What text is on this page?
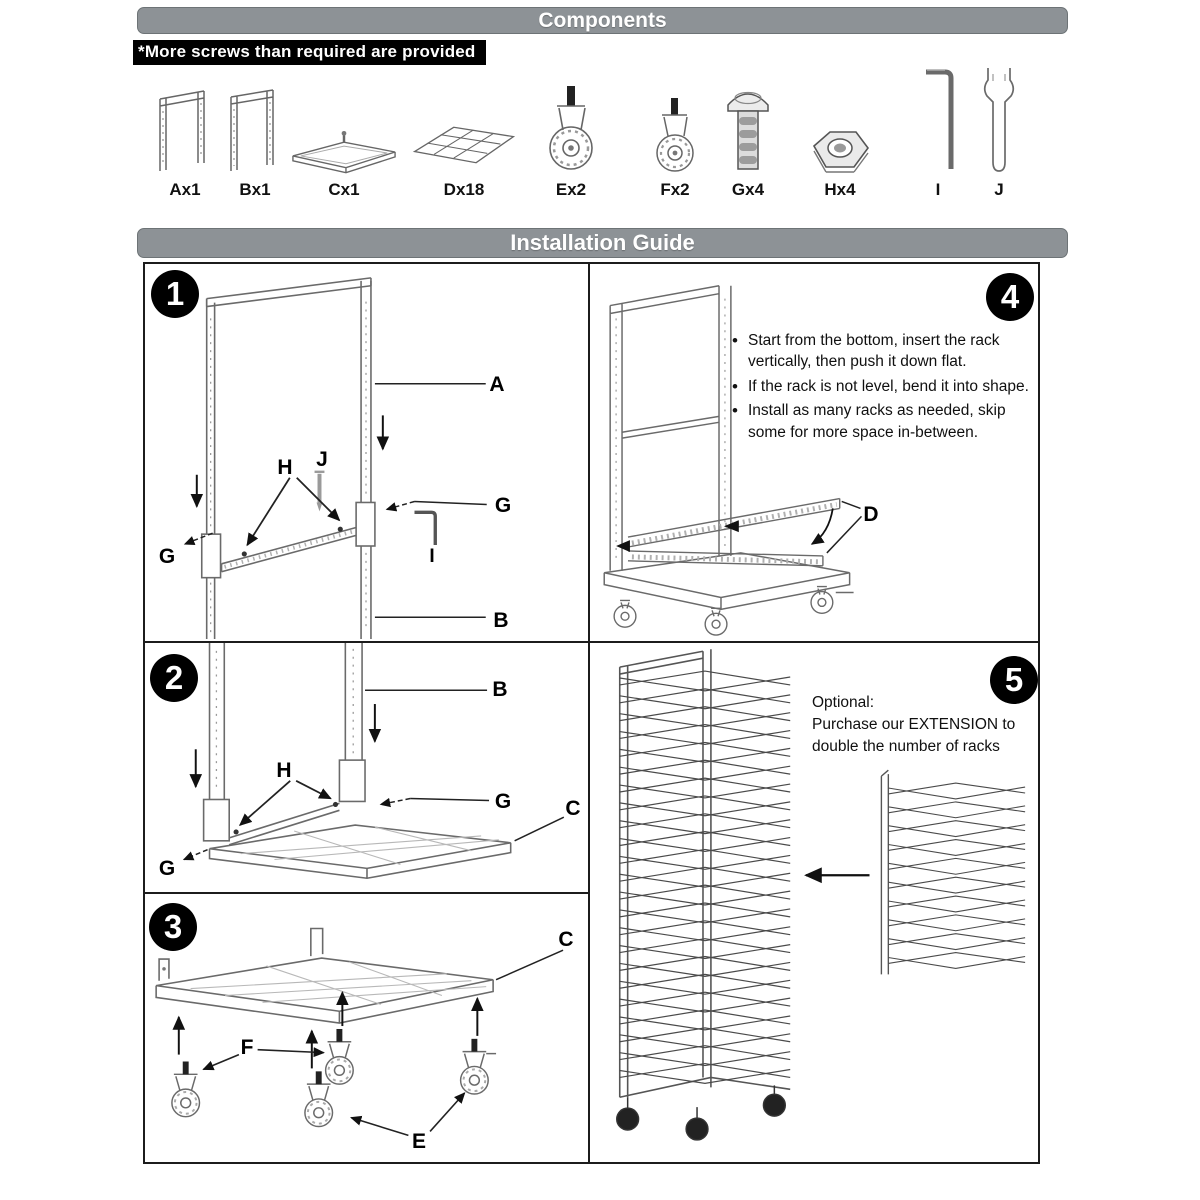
Components
*More screws than required are provided
Ax1	Bx1	Cx1	Dx18	Ex2	Fx2	Gx4	Hx4	I	J
Installation Guide
1
A
J
H
G
I
G
B
2	B
H
G	C
G
3	C
F
E
4
• Start from the bottom, insert the rack vertically, then push it down flat.
• If the rack is not level, bend it into shape.
• Install as many racks as needed, skip some for more space in-between.
D
5
Optional:
Purchase our EXTENSION to
double the number of racks
